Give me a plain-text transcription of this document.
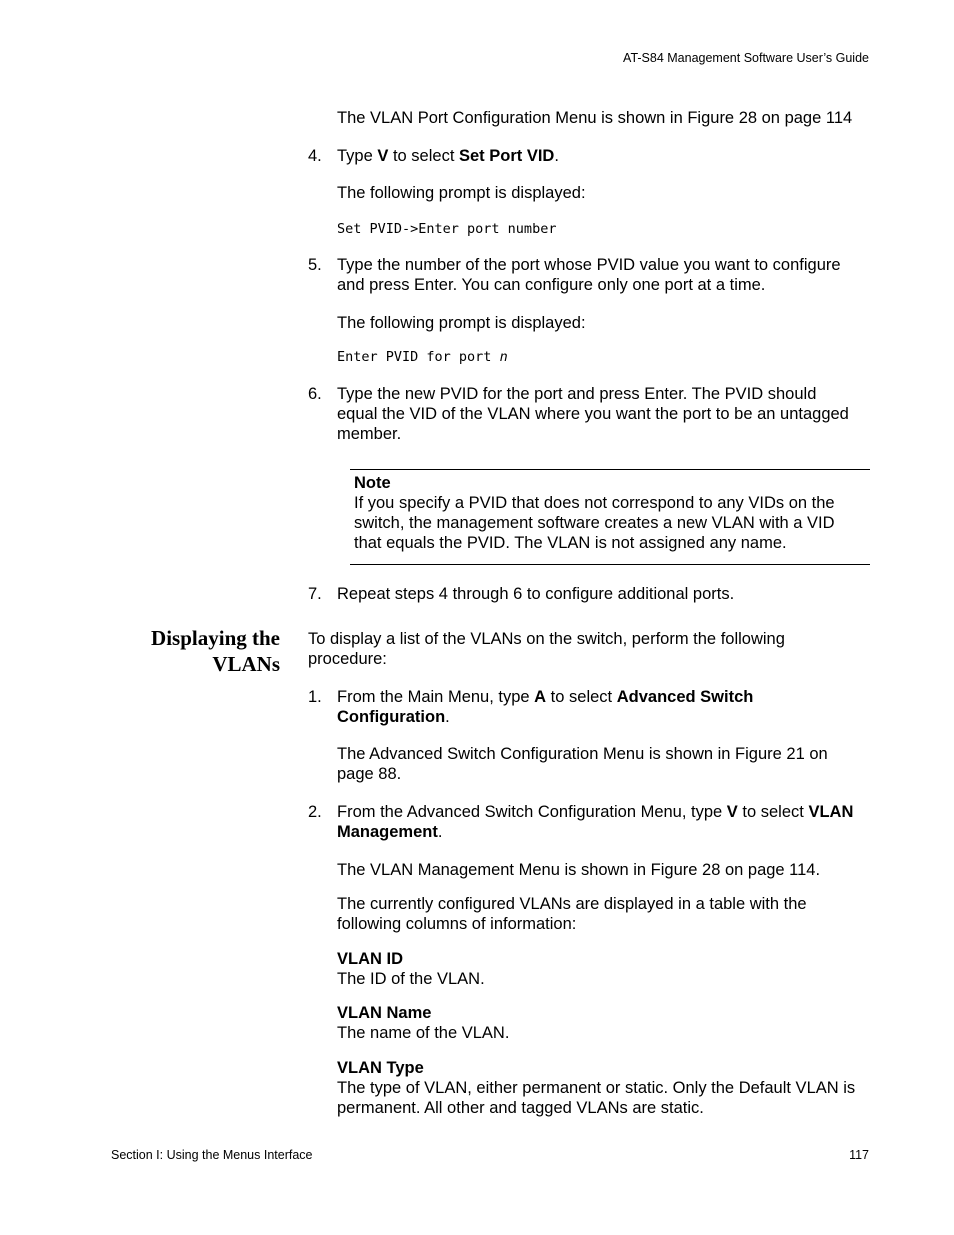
AT-S84 Management Software User’s Guide
The VLAN Port Configuration Menu is shown in Figure 28 on page 114
4. Type V to select Set Port VID.
The following prompt is displayed:
Set PVID->Enter port number
5. Type the number of the port whose PVID value you want to configure
and press Enter. You can configure only one port at a time.
The following prompt is displayed:
Enter PVID for port n
6. Type the new PVID for the port and press Enter. The PVID should
equal the VID of the VLAN where you want the port to be an untagged
member.
Note
If you specify a PVID that does not correspond to any VIDs on the
switch, the management software creates a new VLAN with a VID
that equals the PVID. The VLAN is not assigned any name.
7. Repeat steps 4 through 6 to configure additional ports.
Displaying the
VLANs
To display a list of the VLANs on the switch, perform the following
procedure:
1. From the Main Menu, type A to select Advanced Switch
Configuration.
The Advanced Switch Configuration Menu is shown in Figure 21 on
page 88.
2. From the Advanced Switch Configuration Menu, type V to select VLAN
Management.
The VLAN Management Menu is shown in Figure 28 on page 114.
The currently configured VLANs are displayed in a table with the
following columns of information:
VLAN ID
The ID of the VLAN.
VLAN Name
The name of the VLAN.
VLAN Type
The type of VLAN, either permanent or static. Only the Default VLAN is
permanent. All other and tagged VLANs are static.
Section I: Using the Menus Interface	117
